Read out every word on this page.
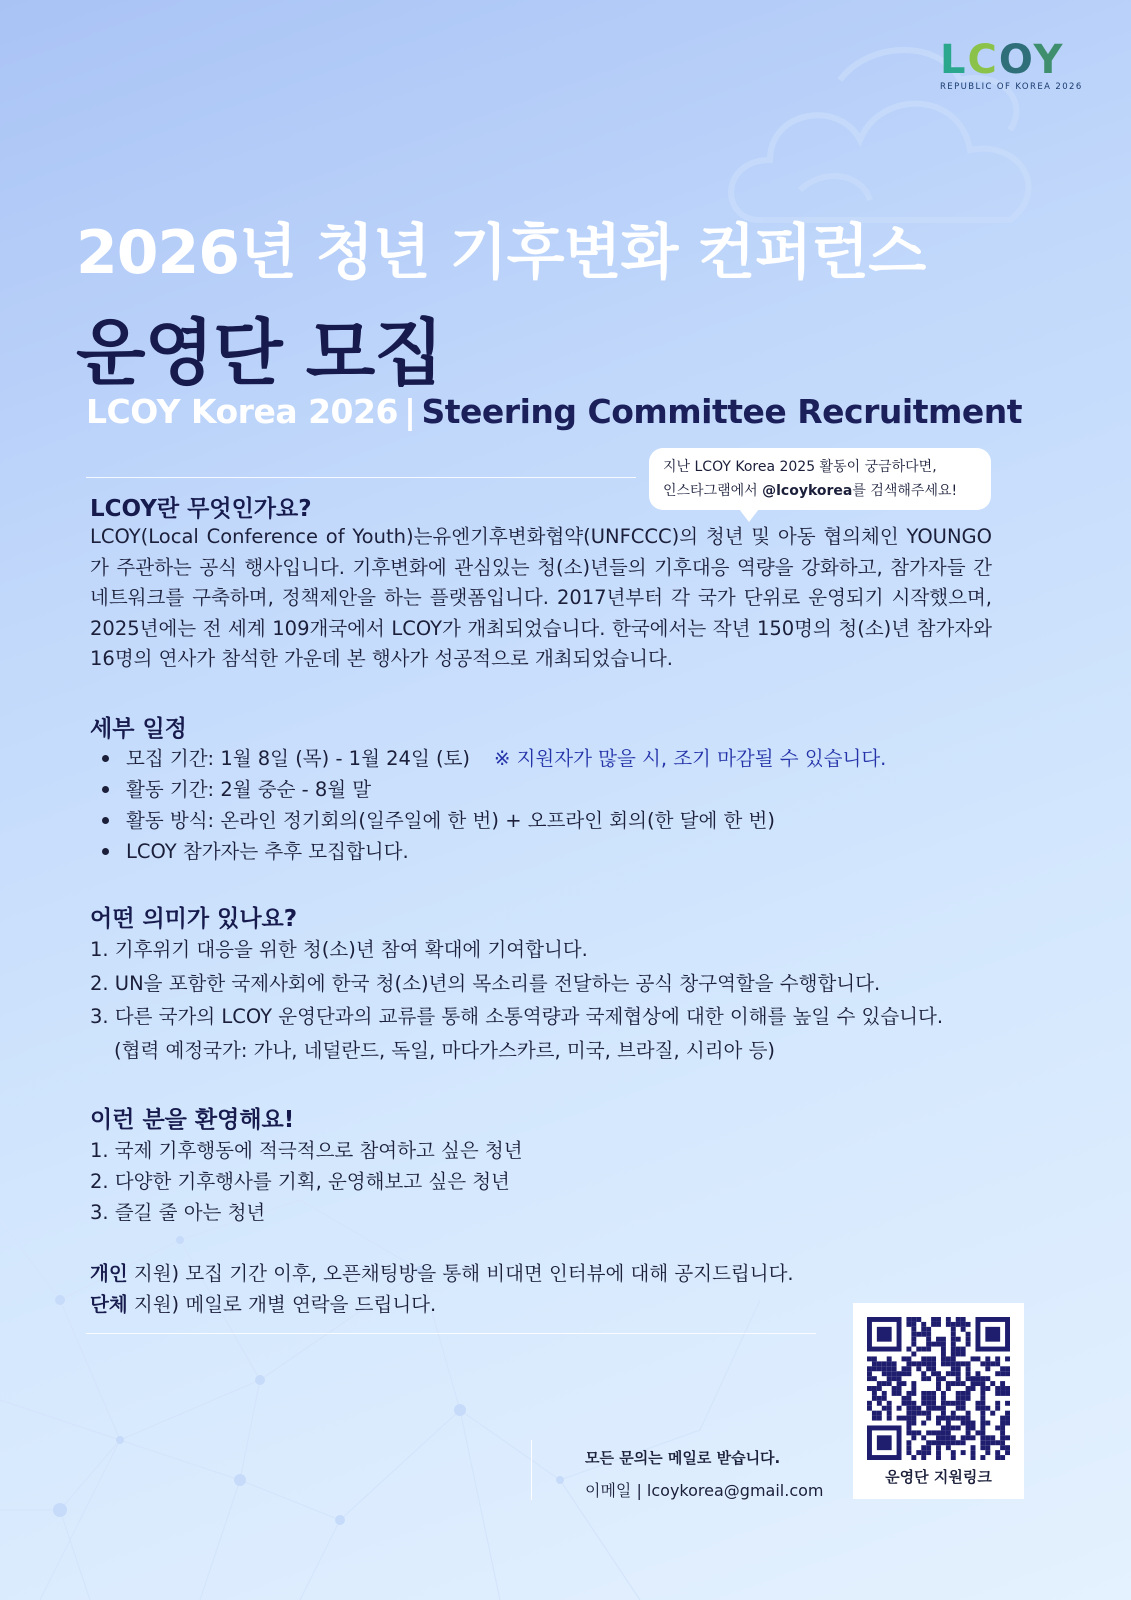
LCOY
REPUBLIC OF KOREA 2026
2026년 청년 기후변화 컨퍼런스
운영단 모집
LCOY Korea 2026 | Steering Committee Recruitment
지난 LCOY Korea 2025 활동이 궁금하다면,
인스타그램에서 @lcoykorea를 검색해주세요!
LCOY란 무엇인가요?
LCOY(Local Conference of Youth)는유엔기후변화협약(UNFCCC)의 청년 및 아동 협의체인 YOUNGO가 주관하는 공식 행사입니다. 기후변화에 관심있는 청(소)년들의 기후대응 역량을 강화하고, 참가자들 간 네트워크를 구축하며, 정책제안을 하는 플랫폼입니다. 2017년부터 각 국가 단위로 운영되기 시작했으며, 2025년에는 전 세계 109개국에서 LCOY가 개최되었습니다. 한국에서는 작년 150명의 청(소)년 참가자와 16명의 연사가 참석한 가운데 본 행사가 성공적으로 개최되었습니다.
세부 일정
모집 기간: 1월 8일 (목) - 1월 24일 (토) ※ 지원자가 많을 시, 조기 마감될 수 있습니다.
활동 기간: 2월 중순 - 8월 말
활동 방식: 온라인 정기회의(일주일에 한 번) + 오프라인 회의(한 달에 한 번)
LCOY 참가자는 추후 모집합니다.
어떤 의미가 있나요?
1. 기후위기 대응을 위한 청(소)년 참여 확대에 기여합니다.
2. UN을 포함한 국제사회에 한국 청(소)년의 목소리를 전달하는 공식 창구역할을 수행합니다.
3. 다른 국가의 LCOY 운영단과의 교류를 통해 소통역량과 국제협상에 대한 이해를 높일 수 있습니다.
(협력 예정국가: 가나, 네덜란드, 독일, 마다가스카르, 미국, 브라질, 시리아 등)
이런 분을 환영해요!
1. 국제 기후행동에 적극적으로 참여하고 싶은 청년
2. 다양한 기후행사를 기획, 운영해보고 싶은 청년
3. 즐길 줄 아는 청년
개인 지원) 모집 기간 이후, 오픈채팅방을 통해 비대면 인터뷰에 대해 공지드립니다.
단체 지원) 메일로 개별 연락을 드립니다.
모든 문의는 메일로 받습니다.
이메일 | lcoykorea@gmail.com
운영단 지원링크
